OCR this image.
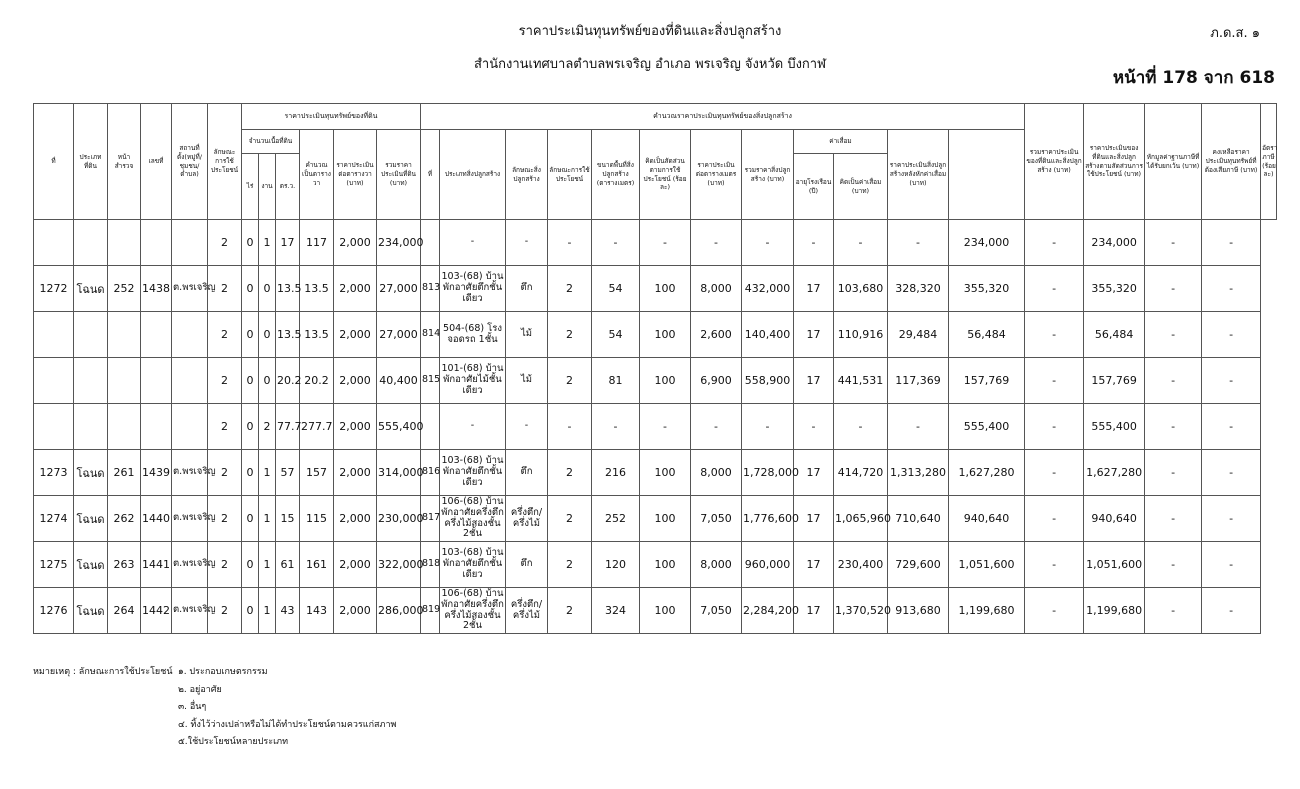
ราคาประเมินทุนทรัพย์ของที่ดินและสิ่งปลูกสร้าง	ภ.ด.ส. ๑
สำนักงานเทศบาลตำบลพรเจริญ อำเภอ พรเจริญ จังหวัด บึงกาฬ
หน้าที่ 178 จาก 618
ที่	ประเภทที่ดิน	หน้าสำรวจ	เลขที่	สถานที่ตั้ง(หมู่ที่/ชุมชน/ตำบล)	ลักษณะการใช้ประโยชน์	ราคาประเมินทุนทรัพย์ของที่ดิน						คำนวณราคาประเมินทุนทรัพย์ของสิ่งปลูกสร้าง												รวมราคาประเมินของที่ดินและสิ่งปลูกสร้าง (บาท)	ราคาประเมินของที่ดินและสิ่งปลูกสร้างตามสัดส่วนการใช้ประโยชน์ (บาท)	หักมูลค่าฐานภาษีที่ได้รับยกเว้น (บาท)	คงเหลือราคาประเมินทุนทรัพย์ที่ต้องเสียภาษี (บาท)	อัตราภาษี (ร้อยละ)
						จำนวนเนื้อที่ดิน			คำนวณเป็นตารางวา	ราคาประเมินต่อตารางวา (บาท)	รวมราคาประเมินที่ดิน (บาท)	ที่	ประเภทสิ่งปลูกสร้าง	ลักษณะสิ่งปลูกสร้าง	ลักษณะการใช้ประโยชน์	ขนาดพื้นที่สิ่งปลูกสร้าง (ตารางเมตร)	คิดเป็นสัดส่วนตามการใช้ประโยชน์ (ร้อยละ)	ราคาประเมินต่อตารางเมตร (บาท)	รวมราคาสิ่งปลูกสร้าง (บาท)	ค่าเสื่อม		ราคาประเมินสิ่งปลูกสร้างหลังหักค่าเสื่อม (บาท)						
						ไร่	งาน	ตร.ว.												อายุโรงเรือน (ปี)	คิดเป็นค่าเสื่อม (บาท)							
					2	0	1	17	117	2,000	234,000		-	-	-	-	-	-	-	-	-	-	234,000	-	234,000	-	-	
1272	โฉนด	252	1438	ต.พรเจริญ	2	0	0	13.5	13.5	2,000	27,000	813	103-(68) บ้านพักอาศัยตึกชั้นเดียว	ตึก	2	54	100	8,000	432,000	17	103,680	328,320	355,320	-	355,320	-	-	
					2	0	0	13.5	13.5	2,000	27,000	814	504-(68) โรงจอดรถ 1ชั้น	ไม้	2	54	100	2,600	140,400	17	110,916	29,484	56,484	-	56,484	-	-	
					2	0	0	20.2	20.2	2,000	40,400	815	101-(68) บ้านพักอาศัยไม้ชั้นเดียว	ไม้	2	81	100	6,900	558,900	17	441,531	117,369	157,769	-	157,769	-	-	
					2	0	2	77.7	277.7	2,000	555,400		-	-	-	-	-	-	-	-	-	-	555,400	-	555,400	-	-	
1273	โฉนด	261	1439	ต.พรเจริญ	2	0	1	57	157	2,000	314,000	816	103-(68) บ้านพักอาศัยตึกชั้นเดียว	ตึก	2	216	100	8,000	1,728,000	17	414,720	1,313,280	1,627,280	-	1,627,280	-	-	
1274	โฉนด	262	1440	ต.พรเจริญ	2	0	1	15	115	2,000	230,000	817	106-(68) บ้านพักอาศัยครึ่งตึกครึ่งไม้สองชั้น 2ชั้น	ครึ่งตึก/ครึ่งไม้	2	252	100	7,050	1,776,600	17	1,065,960	710,640	940,640	-	940,640	-	-	
1275	โฉนด	263	1441	ต.พรเจริญ	2	0	1	61	161	2,000	322,000	818	103-(68) บ้านพักอาศัยตึกชั้นเดียว	ตึก	2	120	100	8,000	960,000	17	230,400	729,600	1,051,600	-	1,051,600	-	-	
1276	โฉนด	264	1442	ต.พรเจริญ	2	0	1	43	143	2,000	286,000	819	106-(68) บ้านพักอาศัยครึ่งตึกครึ่งไม้สองชั้น 2ชั้น	ครึ่งตึก/ครึ่งไม้	2	324	100	7,050	2,284,200	17	1,370,520	913,680	1,199,680	-	1,199,680	-	-	
หมายเหตุ : ลักษณะการใช้ประโยชน์ ๑. ประกอบเกษตรกรรม
๒. อยู่อาศัย
๓. อื่นๆ
๔. ทิ้งไว้ว่างเปล่าหรือไม่ได้ทำประโยชน์ตามควรแก่สภาพ
๕.ใช้ประโยชน์หลายประเภท
